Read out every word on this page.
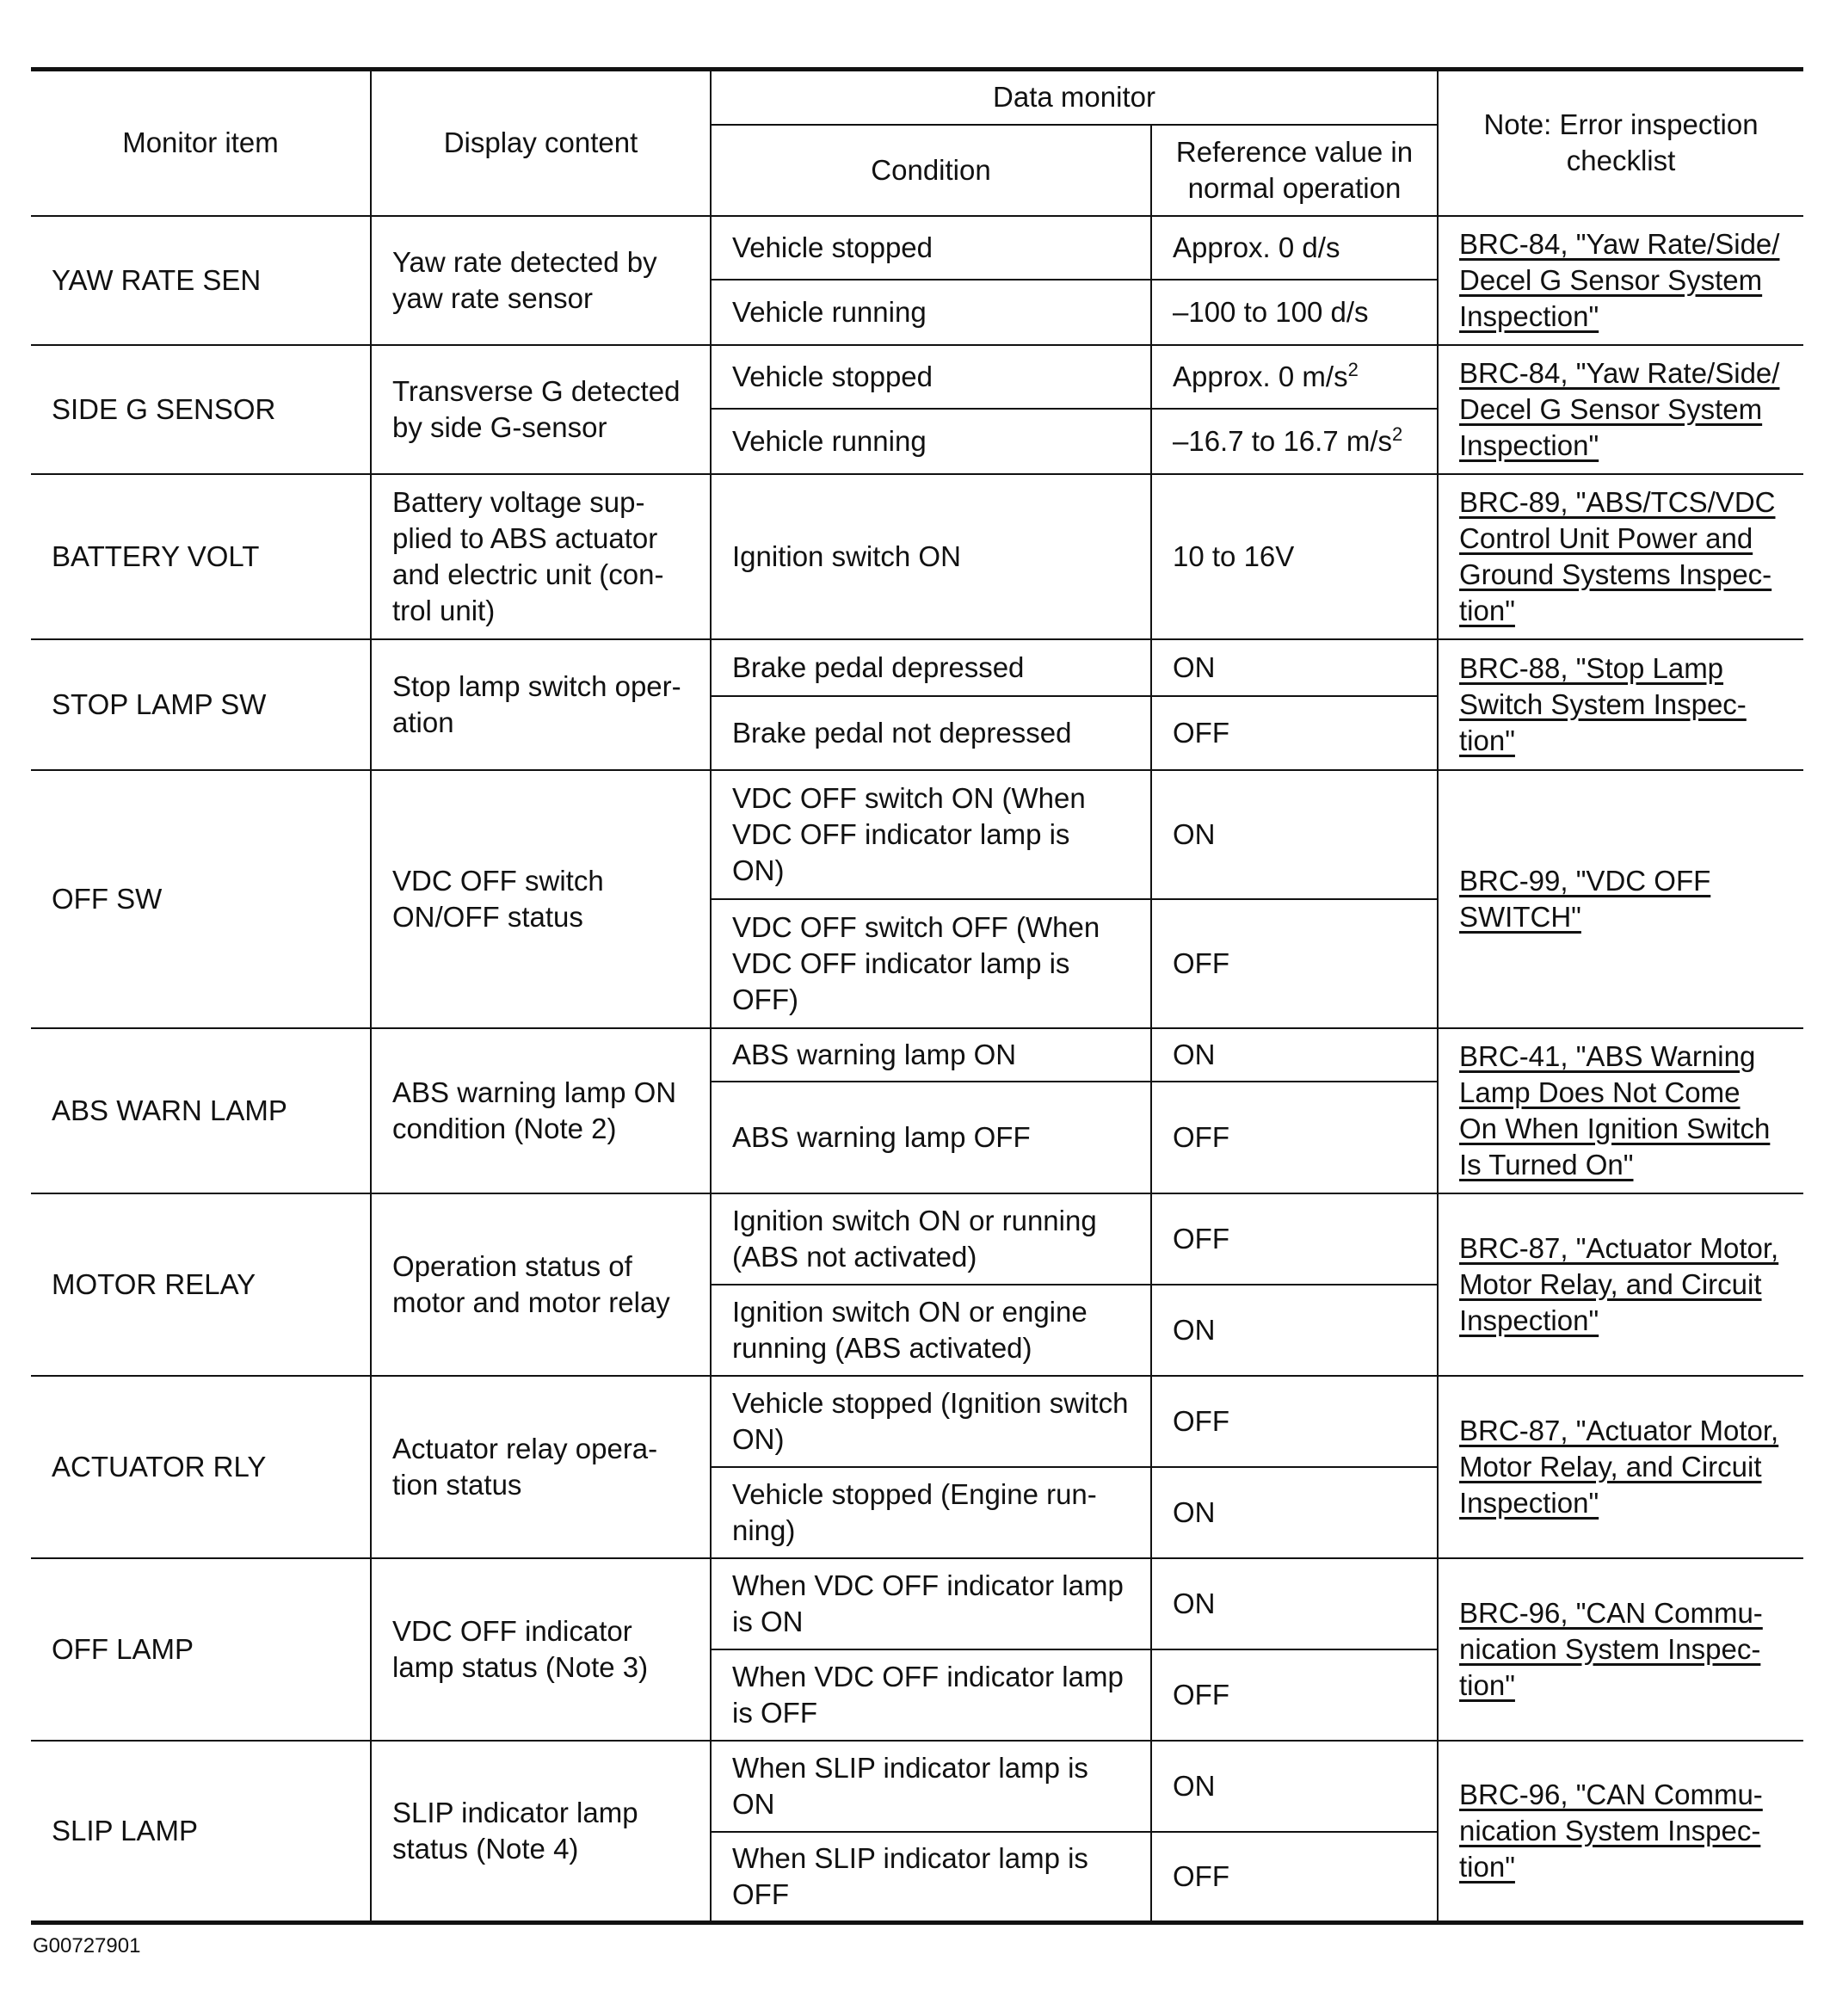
Monitor item	Display content	Data monitor		Note: Error inspection checklist
		Condition	Reference value in normal operation	
YAW RATE SEN	Yaw rate detected by yaw rate sensor	Vehicle stopped	Approx. 0 d/s	BRC-84, "Yaw Rate/Side/ Decel G Sensor System Inspection"
		Vehicle running	–100 to 100 d/s	
SIDE G SENSOR	Transverse G detected by side G-sensor	Vehicle stopped	Approx. 0 $m/s^2$	BRC-84, "Yaw Rate/Side/ Decel G Sensor System Inspection"
		Vehicle running	–16.7 to 16.7 $m/s^2$
BATTERY VOLT	Battery voltage sup-plied to ABS actuator and electric unit (con-trol unit)	Ignition switch ON	10 to 16V	BRC-89, "ABS/TCS/VDC Control Unit Power and Ground Systems Inspec-tion"
STOP LAMP SW	Stop lamp switch oper-ation	Brake pedal depressed	ON	BRC-88, "Stop Lamp Switch System Inspec-tion"
		Brake pedal not depressed	OFF	
OFF SW	VDC OFF switch ON/OFF status	VDC OFF switch ON (When VDC OFF indicator lamp is ON)	ON	BRC-99, "VDC OFF SWITCH"
		VDC OFF switch OFF (When VDC OFF indicator lamp is OFF)	OFF	
ABS WARN LAMP	ABS warning lamp ON condition (Note 2)	ABS warning lamp ON	ON	BRC-41, "ABS Warning Lamp Does Not Come On When Ignition Switch Is Turned On"
		ABS warning lamp OFF	OFF	
MOTOR RELAY	Operation status of motor and motor relay	Ignition switch ON or running (ABS not activated)	OFF	BRC-87, "Actuator Motor, Motor Relay, and Circuit Inspection"
		Ignition switch ON or engine running (ABS activated)	ON	
ACTUATOR RLY	Actuator relay opera-tion status	Vehicle stopped (Ignition switch ON)	OFF	BRC-87, "Actuator Motor, Motor Relay, and Circuit Inspection"
		Vehicle stopped (Engine run-ning)	ON	
OFF LAMP	VDC OFF indicator lamp status (Note 3)	When VDC OFF indicator lamp is ON	ON	BRC-96, "CAN Commu-nication System Inspec-tion"
		When VDC OFF indicator lamp is OFF	OFF	
SLIP LAMP	SLIP indicator lamp status (Note 4)	When SLIP indicator lamp is ON	ON	BRC-96, "CAN Commu-nication System Inspec-tion"
		When SLIP indicator lamp is OFF	OFF	
G00727901
